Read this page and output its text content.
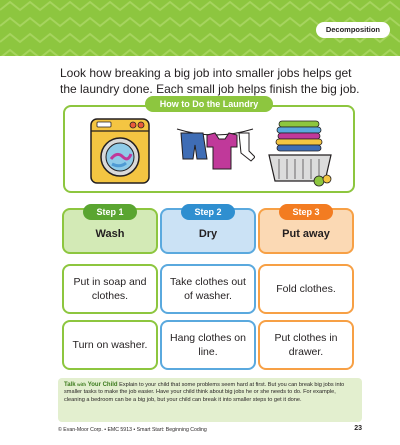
Decomposition

Look how breaking a big job into smaller jobs helps get the laundry done. Each small job helps finish the big job.

How to Do the Laundry
Step 1
Wash
Put in soap and clothes.
Turn on washer.
Step 2
Dry
Take clothes out of washer.
Hang clothes on line.
Step 3
Put away
Fold clothes.
Put clothes in drawer.
Talk with Your Child Explain to your child that some problems seem hard at first. But you can break big jobs into smaller tasks to make the job easier. Have your child think about big jobs he or she needs to do. For example, cleaning a bedroom can be a big job, but your child can break it into smaller steps to get it done.
© Evan-Moor Corp. • EMC 5913 • Smart Start: Beginning Coding	23
